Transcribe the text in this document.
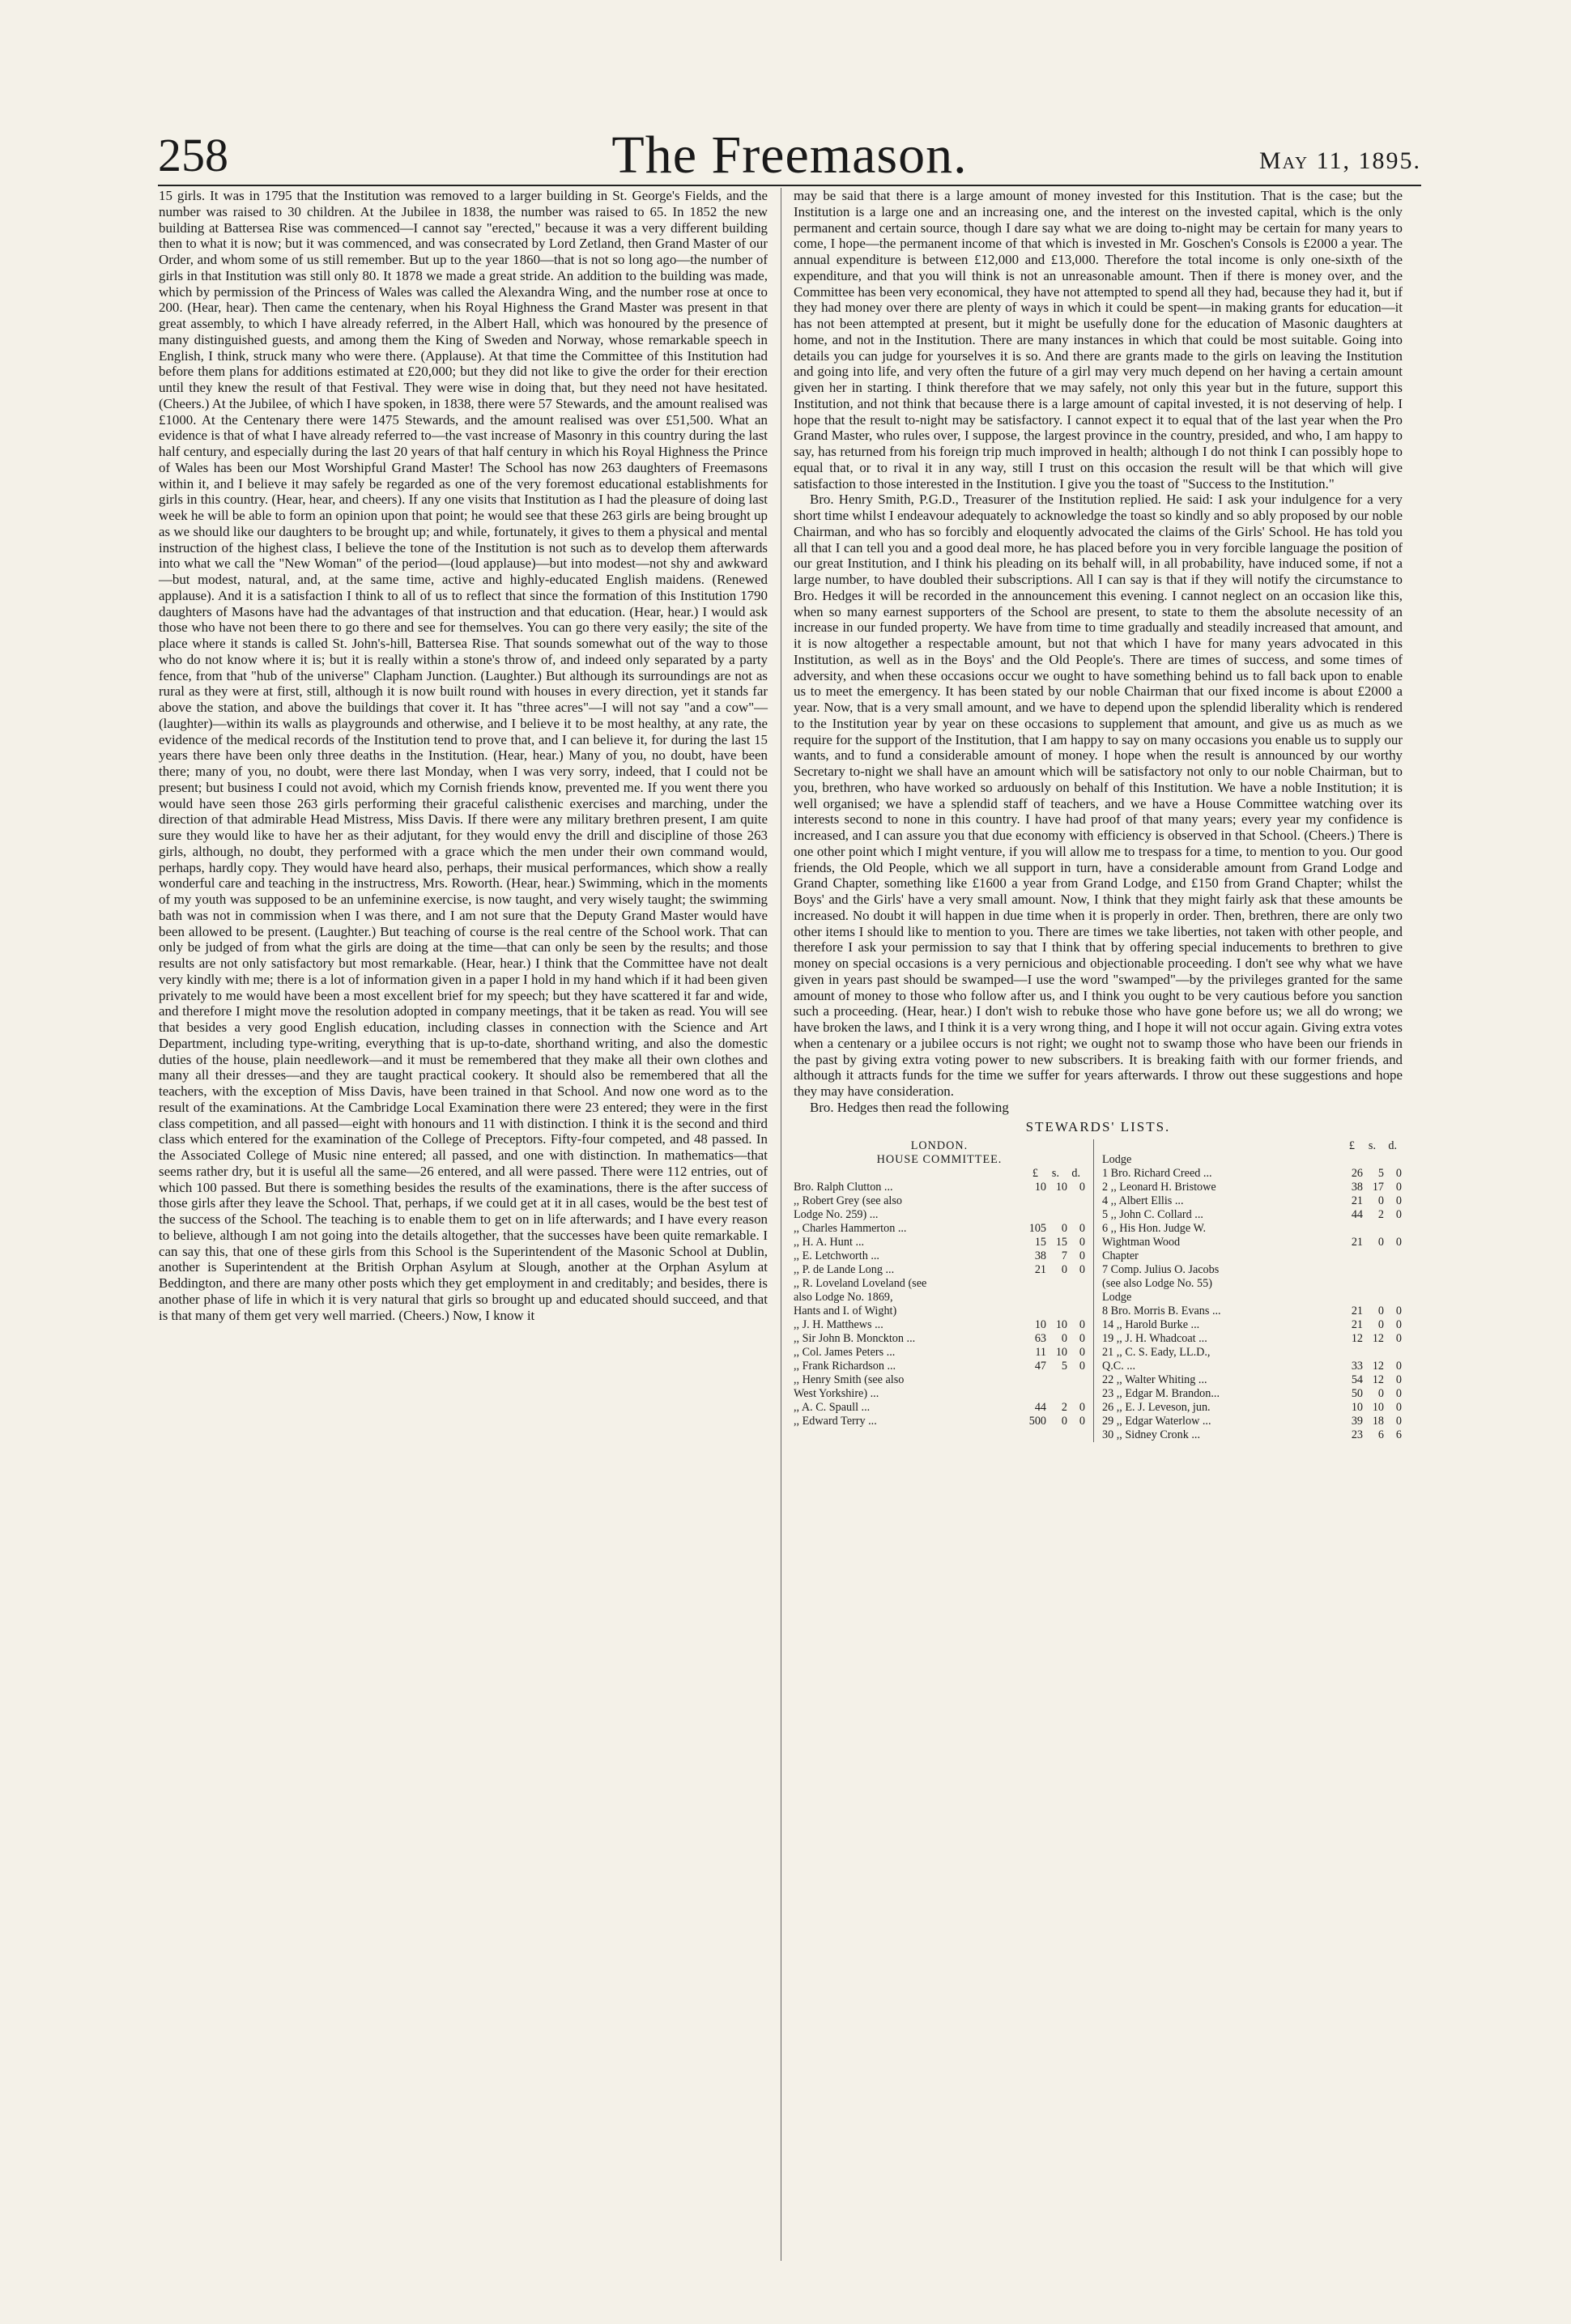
258	The Freemason.	May 11, 1895.

15 girls. It was in 1795 that the Institution was removed to a larger building in St. George's Fields, and the number was raised to 30 children. At the Jubilee in 1838, the number was raised to 65. In 1852 the new building at Battersea Rise was commenced—I cannot say "erected," because it was a very different building then to what it is now; but it was commenced, and was consecrated by Lord Zetland, then Grand Master of our Order, and whom some of us still remember. But up to the year 1860—that is not so long ago—the number of girls in that Institution was still only 80. It 1878 we made a great stride. An addition to the building was made, which by permission of the Princess of Wales was called the Alexandra Wing, and the number rose at once to 200. (Hear, hear). Then came the centenary, when his Royal Highness the Grand Master was present in that great assembly, to which I have already referred, in the Albert Hall, which was honoured by the presence of many distinguished guests, and among them the King of Sweden and Norway, whose remarkable speech in English, I think, struck many who were there. (Applause). At that time the Committee of this Institution had before them plans for additions estimated at £20,000; but they did not like to give the order for their erection until they knew the result of that Festival. They were wise in doing that, but they need not have hesitated. (Cheers.) At the Jubilee, of which I have spoken, in 1838, there were 57 Stewards, and the amount realised was £1000. At the Centenary there were 1475 Stewards, and the amount realised was over £51,500. What an evidence is that of what I have already referred to—the vast increase of Masonry in this country during the last half century, and especially during the last 20 years of that half century in which his Royal Highness the Prince of Wales has been our Most Worshipful Grand Master! The School has now 263 daughters of Freemasons within it, and I believe it may safely be regarded as one of the very foremost educational establishments for girls in this country. (Hear, hear, and cheers). If any one visits that Institution as I had the pleasure of doing last week he will be able to form an opinion upon that point; he would see that these 263 girls are being brought up as we should like our daughters to be brought up; and while, fortunately, it gives to them a physical and mental instruction of the highest class, I believe the tone of the Institution is not such as to develop them afterwards into what we call the "New Woman" of the period—(loud applause)—but into modest—not shy and awkward—but modest, natural, and, at the same time, active and highly-educated English maidens. (Renewed applause). And it is a satisfaction I think to all of us to reflect that since the formation of this Institution 1790 daughters of Masons have had the advantages of that instruction and that education. (Hear, hear.) I would ask those who have not been there to go there and see for themselves. You can go there very easily; the site of the place where it stands is called St. John's-hill, Battersea Rise. That sounds somewhat out of the way to those who do not know where it is; but it is really within a stone's throw of, and indeed only separated by a party fence, from that "hub of the universe" Clapham Junction. (Laughter.) But although its surroundings are not as rural as they were at first, still, although it is now built round with houses in every direction, yet it stands far above the station, and above the buildings that cover it. It has "three acres"—I will not say "and a cow"—(laughter)—within its walls as playgrounds and otherwise, and I believe it to be most healthy, at any rate, the evidence of the medical records of the Institution tend to prove that, and I can believe it, for during the last 15 years there have been only three deaths in the Institution. (Hear, hear.) Many of you, no doubt, have been there; many of you, no doubt, were there last Monday, when I was very sorry, indeed, that I could not be present; but business I could not avoid, which my Cornish friends know, prevented me. If you went there you would have seen those 263 girls performing their graceful calisthenic exercises and marching, under the direction of that admirable Head Mistress, Miss Davis. If there were any military brethren present, I am quite sure they would like to have her as their adjutant, for they would envy the drill and discipline of those 263 girls, although, no doubt, they performed with a grace which the men under their own command would, perhaps, hardly copy. They would have heard also, perhaps, their musical performances, which show a really wonderful care and teaching in the instructress, Mrs. Roworth. (Hear, hear.) Swimming, which in the moments of my youth was supposed to be an unfeminine exercise, is now taught, and very wisely taught; the swimming bath was not in commission when I was there, and I am not sure that the Deputy Grand Master would have been allowed to be present. (Laughter.) But teaching of course is the real centre of the School work. That can only be judged of from what the girls are doing at the time—that can only be seen by the results; and those results are not only satisfactory but most remarkable. (Hear, hear.) I think that the Committee have not dealt very kindly with me; there is a lot of information given in a paper I hold in my hand which if it had been given privately to me would have been a most excellent brief for my speech; but they have scattered it far and wide, and therefore I might move the resolution adopted in company meetings, that it be taken as read. You will see that besides a very good English education, including classes in connection with the Science and Art Department, including type-writing, everything that is up-to-date, shorthand writing, and also the domestic duties of the house, plain needlework—and it must be remembered that they make all their own clothes and many all their dresses—and they are taught practical cookery. It should also be remembered that all the teachers, with the exception of Miss Davis, have been trained in that School. And now one word as to the result of the examinations. At the Cambridge Local Examination there were 23 entered; they were in the first class competition, and all passed—eight with honours and 11 with distinction. I think it is the second and third class which entered for the examination of the College of Preceptors. Fifty-four competed, and 48 passed. In the Associated College of Music nine entered; all passed, and one with distinction. In mathematics—that seems rather dry, but it is useful all the same—26 entered, and all were passed. There were 112 entries, out of which 100 passed. But there is something besides the results of the examinations, there is the after success of those girls after they leave the School. That, perhaps, if we could get at it in all cases, would be the best test of the success of the School. The teaching is to enable them to get on in life afterwards; and I have every reason to believe, although I am not going into the details altogether, that the successes have been quite remarkable. I can say this, that one of these girls from this School is the Superintendent of the Masonic School at Dublin, another is Superintendent at the British Orphan Asylum at Slough, another at the Orphan Asylum at Beddington, and there are many other posts which they get employment in and creditably; and besides, there is another phase of life in which it is very natural that girls so brought up and educated should succeed, and that is that many of them get very well married. (Cheers.) Now, I know it

may be said that there is a large amount of money invested for this Institution. That is the case; but the Institution is a large one and an increasing one, and the interest on the invested capital, which is the only permanent and certain source, though I dare say what we are doing to-night may be certain for many years to come, I hope—the permanent income of that which is invested in Mr. Goschen's Consols is £2000 a year. The annual expenditure is between £12,000 and £13,000. Therefore the total income is only one-sixth of the expenditure, and that you will think is not an unreasonable amount. Then if there is money over, and the Committee has been very economical, they have not attempted to spend all they had, because they had it, but if they had money over there are plenty of ways in which it could be spent—in making grants for education—it has not been attempted at present, but it might be usefully done for the education of Masonic daughters at home, and not in the Institution. There are many instances in which that could be most suitable. Going into details you can judge for yourselves it is so. And there are grants made to the girls on leaving the Institution and going into life, and very often the future of a girl may very much depend on her having a certain amount given her in starting. I think therefore that we may safely, not only this year but in the future, support this Institution, and not think that because there is a large amount of capital invested, it is not deserving of help. I hope that the result to-night may be satisfactory. I cannot expect it to equal that of the last year when the Pro Grand Master, who rules over, I suppose, the largest province in the country, presided, and who, I am happy to say, has returned from his foreign trip much improved in health; although I do not think I can possibly hope to equal that, or to rival it in any way, still I trust on this occasion the result will be that which will give satisfaction to those interested in the Institution. I give you the toast of "Success to the Institution."

Bro. Henry Smith, P.G.D., Treasurer of the Institution replied. He said: I ask your indulgence for a very short time whilst I endeavour adequately to acknowledge the toast so kindly and so ably proposed by our noble Chairman, and who has so forcibly and eloquently advocated the claims of the Girls' School. He has told you all that I can tell you and a good deal more, he has placed before you in very forcible language the position of our great Institution, and I think his pleading on its behalf will, in all probability, have induced some, if not a large number, to have doubled their subscriptions. All I can say is that if they will notify the circumstance to Bro. Hedges it will be recorded in the announcement this evening. I cannot neglect on an occasion like this, when so many earnest supporters of the School are present, to state to them the absolute necessity of an increase in our funded property. We have from time to time gradually and steadily increased that amount, and it is now altogether a respectable amount, but not that which I have for many years advocated in this Institution, as well as in the Boys' and the Old People's. There are times of success, and some times of adversity, and when these occasions occur we ought to have something behind us to fall back upon to enable us to meet the emergency. It has been stated by our noble Chairman that our fixed income is about £2000 a year. Now, that is a very small amount, and we have to depend upon the splendid liberality which is rendered to the Institution year by year on these occasions to supplement that amount, and give us as much as we require for the support of the Institution, that I am happy to say on many occasions you enable us to supply our wants, and to fund a considerable amount of money. I hope when the result is announced by our worthy Secretary to-night we shall have an amount which will be satisfactory not only to our noble Chairman, but to you, brethren, who have worked so arduously on behalf of this Institution. We have a noble Institution; it is well organised; we have a splendid staff of teachers, and we have a House Committee watching over its interests second to none in this country. I have had proof of that many years; every year my confidence is increased, and I can assure you that due economy with efficiency is observed in that School. (Cheers.) There is one other point which I might venture, if you will allow me to trespass for a time, to mention to you. Our good friends, the Old People, which we all support in turn, have a considerable amount from Grand Lodge and Grand Chapter, something like £1600 a year from Grand Lodge, and £150 from Grand Chapter; whilst the Boys' and the Girls' have a very small amount. Now, I think that they might fairly ask that these amounts be increased. No doubt it will happen in due time when it is properly in order. Then, brethren, there are only two other items I should like to mention to you. There are times we take liberties, not taken with other people, and therefore I ask your permission to say that I think that by offering special inducements to brethren to give money on special occasions is a very pernicious and objectionable proceeding. I don't see why what we have given in years past should be swamped—I use the word "swamped"—by the privileges granted for the same amount of money to those who follow after us, and I think you ought to be very cautious before you sanction such a proceeding. (Hear, hear.) I don't wish to rebuke those who have gone before us; we all do wrong; we have broken the laws, and I think it is a very wrong thing, and I hope it will not occur again. Giving extra votes when a centenary or a jubilee occurs is not right; we ought not to swamp those who have been our friends in the past by giving extra voting power to new subscribers. It is breaking faith with our former friends, and although it attracts funds for the time we suffer for years afterwards. I throw out these suggestions and hope they may have consideration.

Bro. Hedges then read the following

STEWARDS' LISTS.
LONDON.
HOUSE COMMITTEE.
£	s.	d.
Bro. Ralph Clutton ...	10 10	0
,, Robert Grey (see also
Lodge No. 259) ...
,, Charles Hammerton ...	105	0	0
,, H. A. Hunt ...	15 15	0
,, E. Letchworth ...	38	7	0
,, P. de Lande Long ...	21	0	0
,, R. Loveland Loveland (see
also Lodge No. 1869,
Hants and I. of Wight)
,, J. H. Matthews ...	10 10	0
,, Sir John B. Monckton ...	63	0	0
,, Col. James Peters ...	11 10	0
,, Frank Richardson ...	47	5	0
,, Henry Smith (see also
West Yorkshire) ...
,, A. C. Spaull ...	44	2	0
,, Edward Terry ...	500	0	0
£	s.	d.
Lodge
1 Bro. Richard Creed ...	26	5	0
2 ,, Leonard H. Bristowe	38 17	0
4 ,, Albert Ellis ...	21	0	0
5 ,, John C. Collard ...	44	2	0
6 ,, His Hon. Judge W.
Wightman Wood	21	0	0
Chapter
7 Comp. Julius O. Jacobs
(see also Lodge No. 55)
Lodge
8 Bro. Morris B. Evans ...	21	0	0
14 ,, Harold Burke ...	21	0	0
19 ,, J. H. Whadcoat ...	12 12	0
21 ,, C. S. Eady, LL.D.,
Q.C. ...	33 12	0
22 ,, Walter Whiting ...	54 12	0
23 ,, Edgar M. Brandon...	50	0	0
26 ,, E. J. Leveson, jun.	10 10	0
29 ,, Edgar Waterlow ...	39 18	0
30 ,, Sidney Cronk ...	23	6	6
